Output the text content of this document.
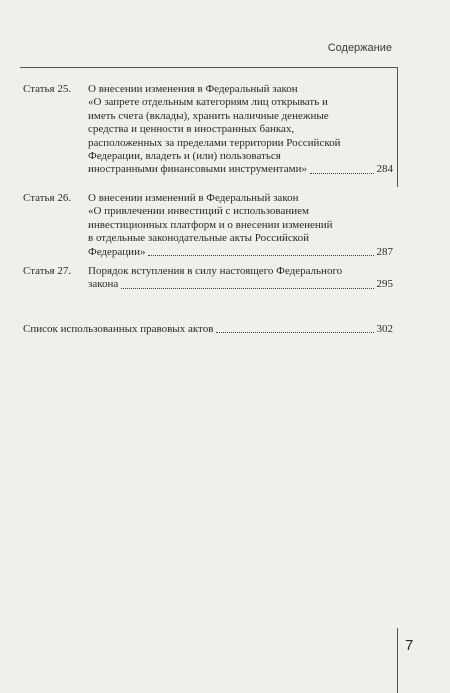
Содержание
Статья 25. О внесении изменения в Федеральный закон
«О запрете отдельным категориям лиц открывать и
иметь счета (вклады), хранить наличные денежные
средства и ценности в иностранных банках,
расположенных за пределами территории Российской
Федерации, владеть и (или) пользоваться
иностранными финансовыми инструментами»	284
Статья 26. О внесении изменений в Федеральный закон
«О привлечении инвестиций с использованием
инвестиционных платформ и о внесении изменений
в отдельные законодательные акты Российской
Федерации»	287
Статья 27. Порядок вступления в силу настоящего Федерального
закона	295
Список использованных правовых актов	302
7
